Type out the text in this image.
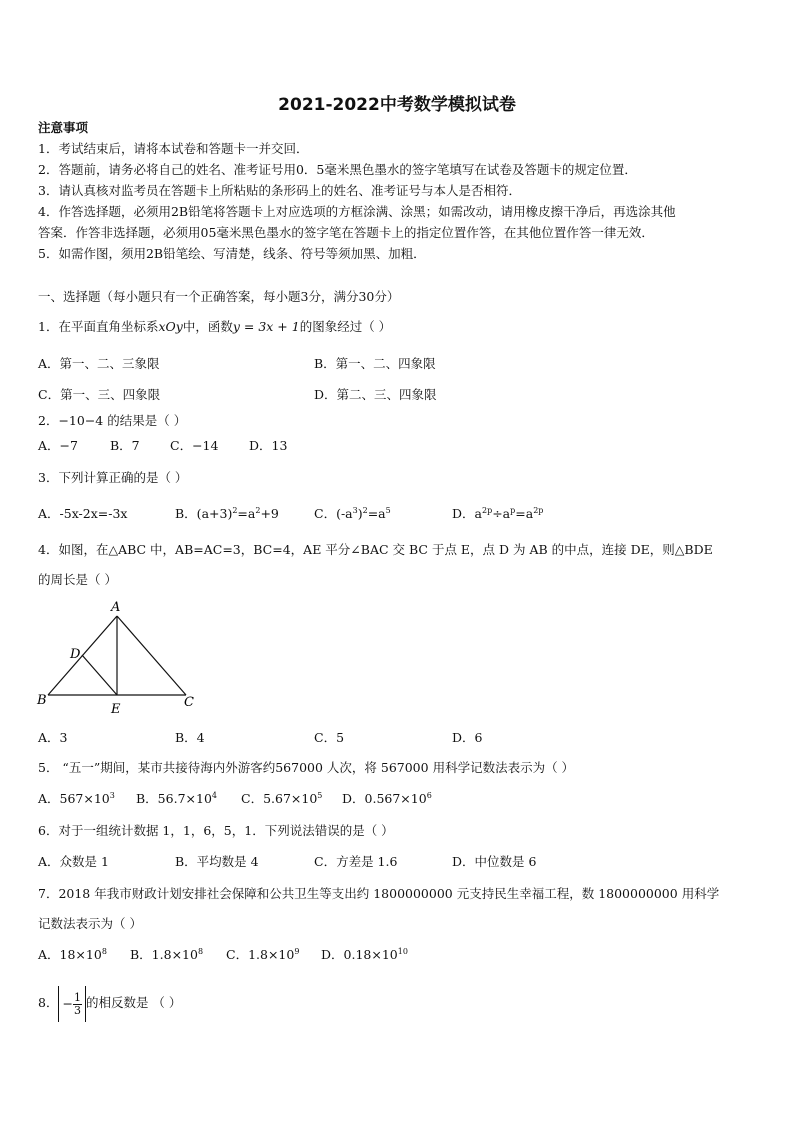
2021-2022中考数学模拟试卷
注意事项
1．考试结束后，请将本试卷和答题卡一并交回．
2．答题前，请务必将自己的姓名、准考证号用0．5毫米黑色墨水的签字笔填写在试卷及答题卡的规定位置．
3．请认真核对监考员在答题卡上所粘贴的条形码上的姓名、准考证号与本人是否相符．
4．作答选择题，必须用2B铅笔将答题卡上对应选项的方框涂满、涂黑；如需改动，请用橡皮擦干净后，再选涂其他
答案．作答非选择题，必须用05毫米黑色墨水的签字笔在答题卡上的指定位置作答，在其他位置作答一律无效．
5．如需作图，须用2B铅笔绘、写清楚，线条、符号等须加黑、加粗．
一、选择题（每小题只有一个正确答案，每小题3分，满分30分）
1．在平面直角坐标系xOy中，函数y = 3x + 1的图象经过（ ）
A．第一、二、三象限	B．第一、二、四象限
C．第一、三、四象限	D．第二、三、四象限
2．−10−4 的结果是（ ）
A．−7	B．7 C．−14 D．13
3．下列计算正确的是（ ）
A．-5x-2x=-3x	B．$(a+3)^2=a^2+9$	C．$(-a^3)^2=a^5$	D．$a^{2p}\div a^p=a^{2p}$
4．如图，在△ABC 中，AB=AC=3，BC=4，AE 平分∠BAC 交 BC 于点 E，点 D 为 AB 的中点，连接 DE，则△BDE
的周长是（ ）
A
D
B	C
E
A．3	B．4	C．5	D．6
5． “五一”期间，某市共接待海内外游客约567000 人次，将 567000 用科学记数法表示为（ ）
A．$567\times 10^3$ B．$56.7\times 10^4$ C．$5.67\times 10^5$ D．$0.567\times 10^6$
6．对于一组统计数据 1，1，6，5，1．下列说法错误的是（ ）
A．众数是 1	B．平均数是 4	C．方差是 1.6	D．中位数是 6
7．2018 年我市财政计划安排社会保障和公共卫生等支出约 1800000000 元支持民生幸福工程，数 1800000000 用科学
记数法表示为（ ）
A．$18\times 10^8$ B．$1.8\times 10^8$ C．$1.8\times 10^9$ D．$0.18\times 10^{10}$
8． − $\frac{1}{3}$ 的相反数是 （ ）
